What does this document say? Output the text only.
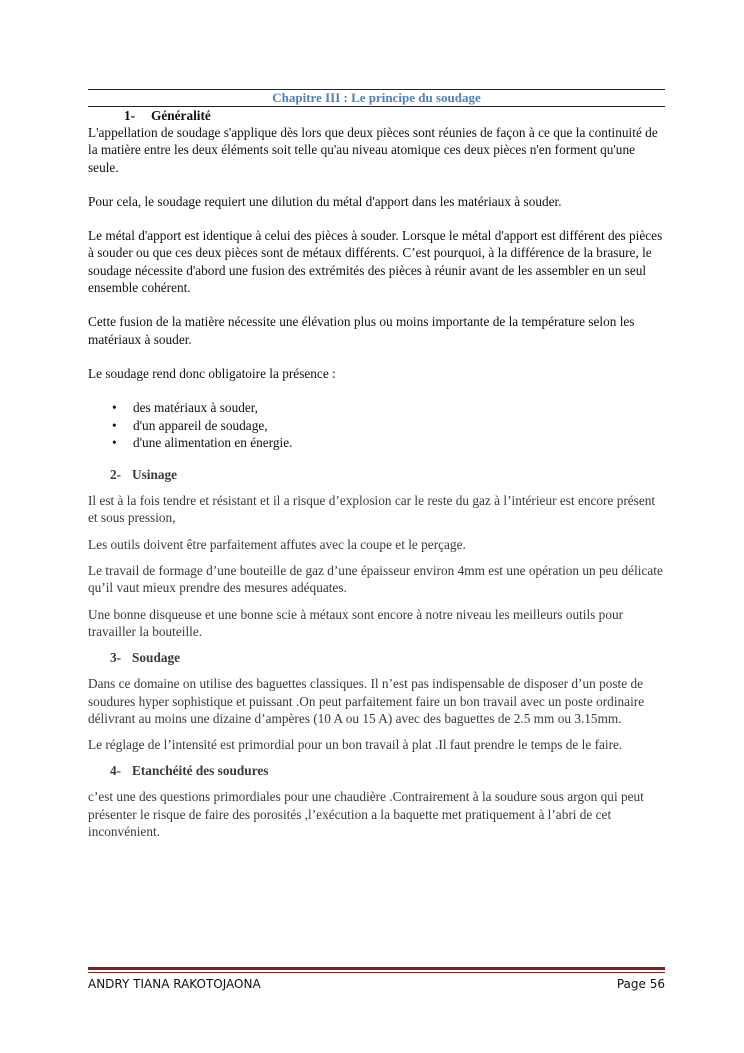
Chapitre III : Le principe du soudage
1- Généralité

L'appellation de soudage s'applique dès lors que deux pièces sont réunies de façon à ce que la continuité de la matière entre les deux éléments soit telle qu'au niveau atomique ces deux pièces n'en forment qu'une seule.

Pour cela, le soudage requiert une dilution du métal d'apport dans les matériaux à souder.

Le métal d'apport est identique à celui des pièces à souder. Lorsque le métal d'apport est différent des pièces à souder ou que ces deux pièces sont de métaux différents. C’est pourquoi, à la différence de la brasure, le soudage nécessite d'abord une fusion des extrémités des pièces à réunir avant de les assembler en un seul ensemble cohérent.

Cette fusion de la matière nécessite une élévation plus ou moins importante de la température selon les matériaux à souder.

Le soudage rend donc obligatoire la présence :

• des matériaux à souder,
• d'un appareil de soudage,
• d'une alimentation en énergie.
2- Usinage

Il est à la fois tendre et résistant et il a risque d’explosion car le reste du gaz à l’intérieur est encore présent et sous pression,

Les outils doivent être parfaitement affutes avec la coupe et le perçage.

Le travail de formage d’une bouteille de gaz d’une épaisseur environ 4mm est une opération un peu délicate qu’il vaut mieux prendre des mesures adéquates.

Une bonne disqueuse et une bonne scie à métaux sont encore à notre niveau les meilleurs outils pour travailler la bouteille.

3- Soudage

Dans ce domaine on utilise des baguettes classiques. Il n’est pas indispensable de disposer d’un poste de soudures hyper sophistique et puissant .On peut parfaitement faire un bon travail avec un poste ordinaire délivrant au moins une dizaine d’ampères (10 A ou 15 A) avec des baguettes de 2.5 mm ou 3.15mm.

Le réglage de l’intensité est primordial pour un bon travail à plat .Il faut prendre le temps de le faire.

4- Etanchéité des soudures

c’est une des questions primordiales pour une chaudière .Contrairement à la soudure sous argon qui peut présenter le risque de faire des porosités ,l’exécution a la baquette met pratiquement à l’abri de cet inconvénient.

ANDRY TIANA RAKOTOJAONA	Page 56
